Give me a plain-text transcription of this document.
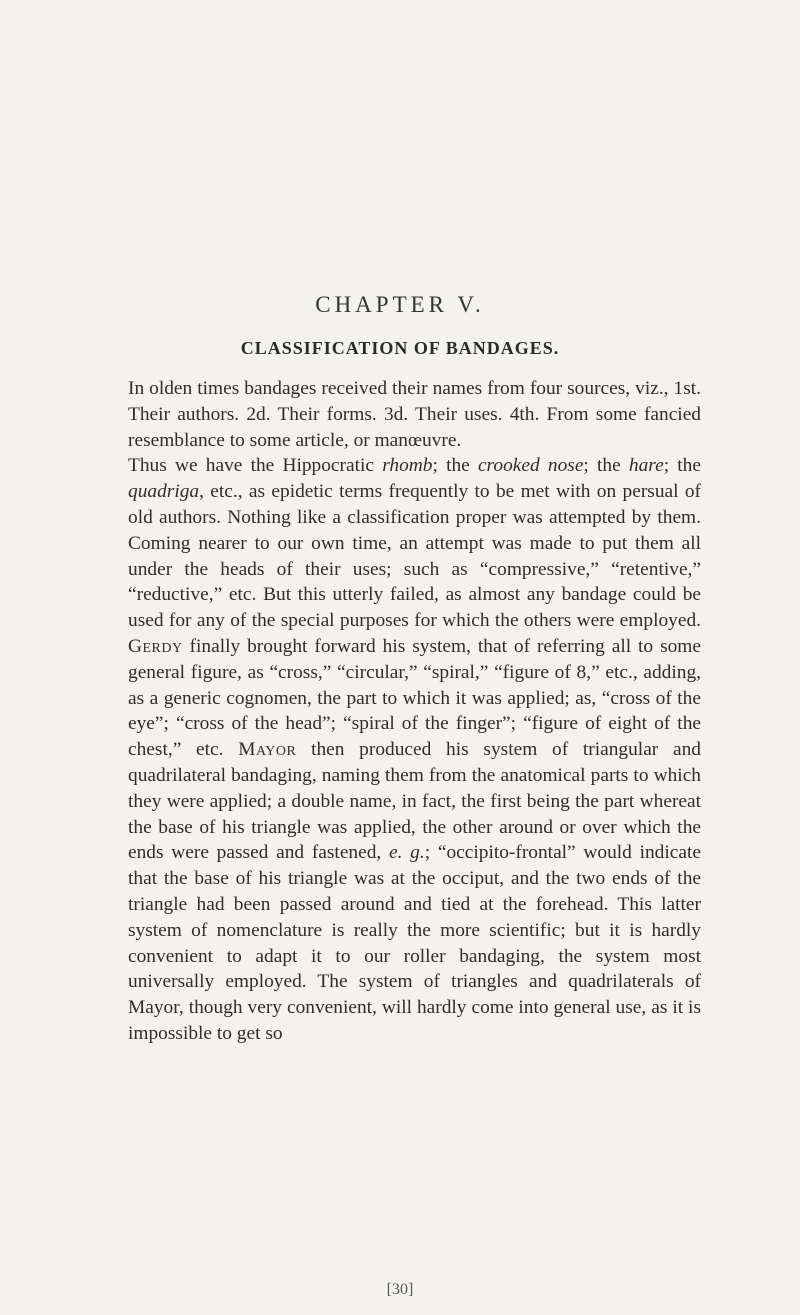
CHAPTER V.
CLASSIFICATION OF BANDAGES.

In olden times bandages received their names from four sources, viz., 1st. Their authors. 2d. Their forms. 3d. Their uses. 4th. From some fancied resemblance to some article, or manœuvre.

Thus we have the Hippocratic rhomb; the crooked nose; the hare; the quadriga, etc., as epidetic terms frequently to be met with on persual of old authors. Nothing like a classification proper was attempted by them. Coming nearer to our own time, an attempt was made to put them all under the heads of their uses; such as “compressive,” “retentive,” “reductive,” etc. But this utterly failed, as almost any bandage could be used for any of the special purposes for which the others were employed. Gerdy finally brought forward his system, that of referring all to some general figure, as “cross,” “circular,” “spiral,” “figure of 8,” etc., adding, as a generic cognomen, the part to which it was applied; as, “cross of the eye”; “cross of the head”; “spiral of the finger”; “figure of eight of the chest,” etc. Mayor then produced his system of triangular and quadrilateral bandaging, naming them from the anatomical parts to which they were applied; a double name, in fact, the first being the part whereat the base of his triangle was applied, the other around or over which the ends were passed and fastened, e. g.; “occipito-frontal” would indicate that the base of his triangle was at the occiput, and the two ends of the triangle had been passed around and tied at the forehead. This latter system of nomenclature is really the more scientific; but it is hardly convenient to adapt it to our roller bandaging, the system most universally employed. The system of triangles and quadrilaterals of Mayor, though very convenient, will hardly come into general use, as it is impossible to get so

[30]
